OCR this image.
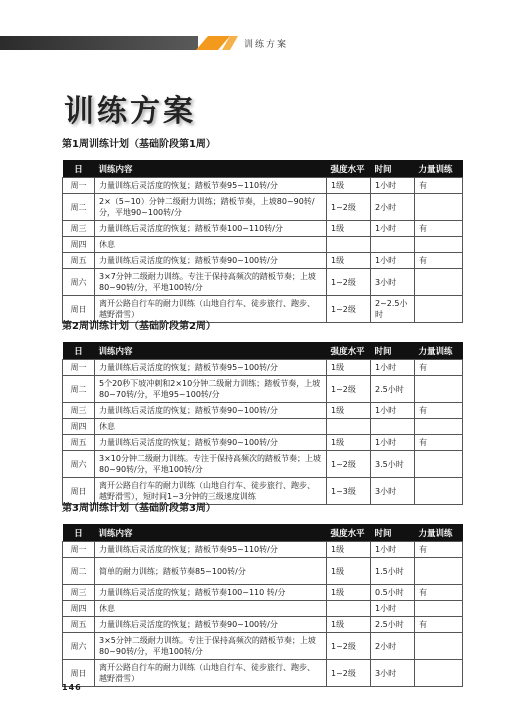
训练方案
训练方案
第1周训练计划（基础阶段第1周）
日	训练内容	强度水平	时间	力量训练
周一	力量训练后灵活度的恢复；踏板节奏95~110转/分	1级	1小时	有
周二	2×（5~10）分钟二级耐力训练；踏板节奏，上坡80~90转/分，平地90~100转/分	1~2级	2小时	
周三	力量训练后灵活度的恢复；踏板节奏100~110转/分	1级	1小时	有
周四	休息			
周五	力量训练后灵活度的恢复；踏板节奏90~100转/分	1级	1小时	有
周六	3×7分钟二级耐力训练。专注于保持高频次的踏板节奏；上坡80~90转/分，平地100转/分	1~2级	3小时	
周日	离开公路自行车的耐力训练（山地自行车、徒步旅行、跑步、越野滑雪）	1~2级	2~2.5小时	
第2周训练计划（基础阶段第2周）
日	训练内容	强度水平	时间	力量训练
周一	力量训练后灵活度的恢复；踏板节奏95~100转/分	1级	1小时	有
周二	5个20秒下坡冲刺和2×10分钟二级耐力训练；踏板节奏，上坡80~70转/分，平地95~100转/分	1~2级	2.5小时	
周三	力量训练后灵活度的恢复；踏板节奏90~100转/分	1级	1小时	有
周四	休息			
周五	力量训练后灵活度的恢复；踏板节奏90~100转/分	1级	1小时	有
周六	3×10分钟二级耐力训练。专注于保持高频次的踏板节奏；上坡80~90转/分，平地100转/分	1~2级	3.5小时	
周日	离开公路自行车的耐力训练（山地自行车、徒步旅行、跑步、越野滑雪），短时间1~3分钟的三级速度训练	1~3级	3小时	
第3周训练计划（基础阶段第3周）
日	训练内容	强度水平	时间	力量训练
周一	力量训练后灵活度的恢复；踏板节奏95~110转/分	1级	1小时	有
周二	简单的耐力训练；踏板节奏85~100转/分	1级	1.5小时	
周三	力量训练后灵活度的恢复；踏板节奏100~110 转/分	1级	0.5小时	有
周四	休息		1小时	
周五	力量训练后灵活度的恢复；踏板节奏90~100转/分	1级	2.5小时	有
周六	3×5分钟二级耐力训练。专注于保持高频次的踏板节奏；上坡80~90转/分，平地100转/分	1~2级	2小时	
周日	离开公路自行车的耐力训练（山地自行车、徒步旅行、跑步、越野滑雪）	1~2级	3小时	
146
